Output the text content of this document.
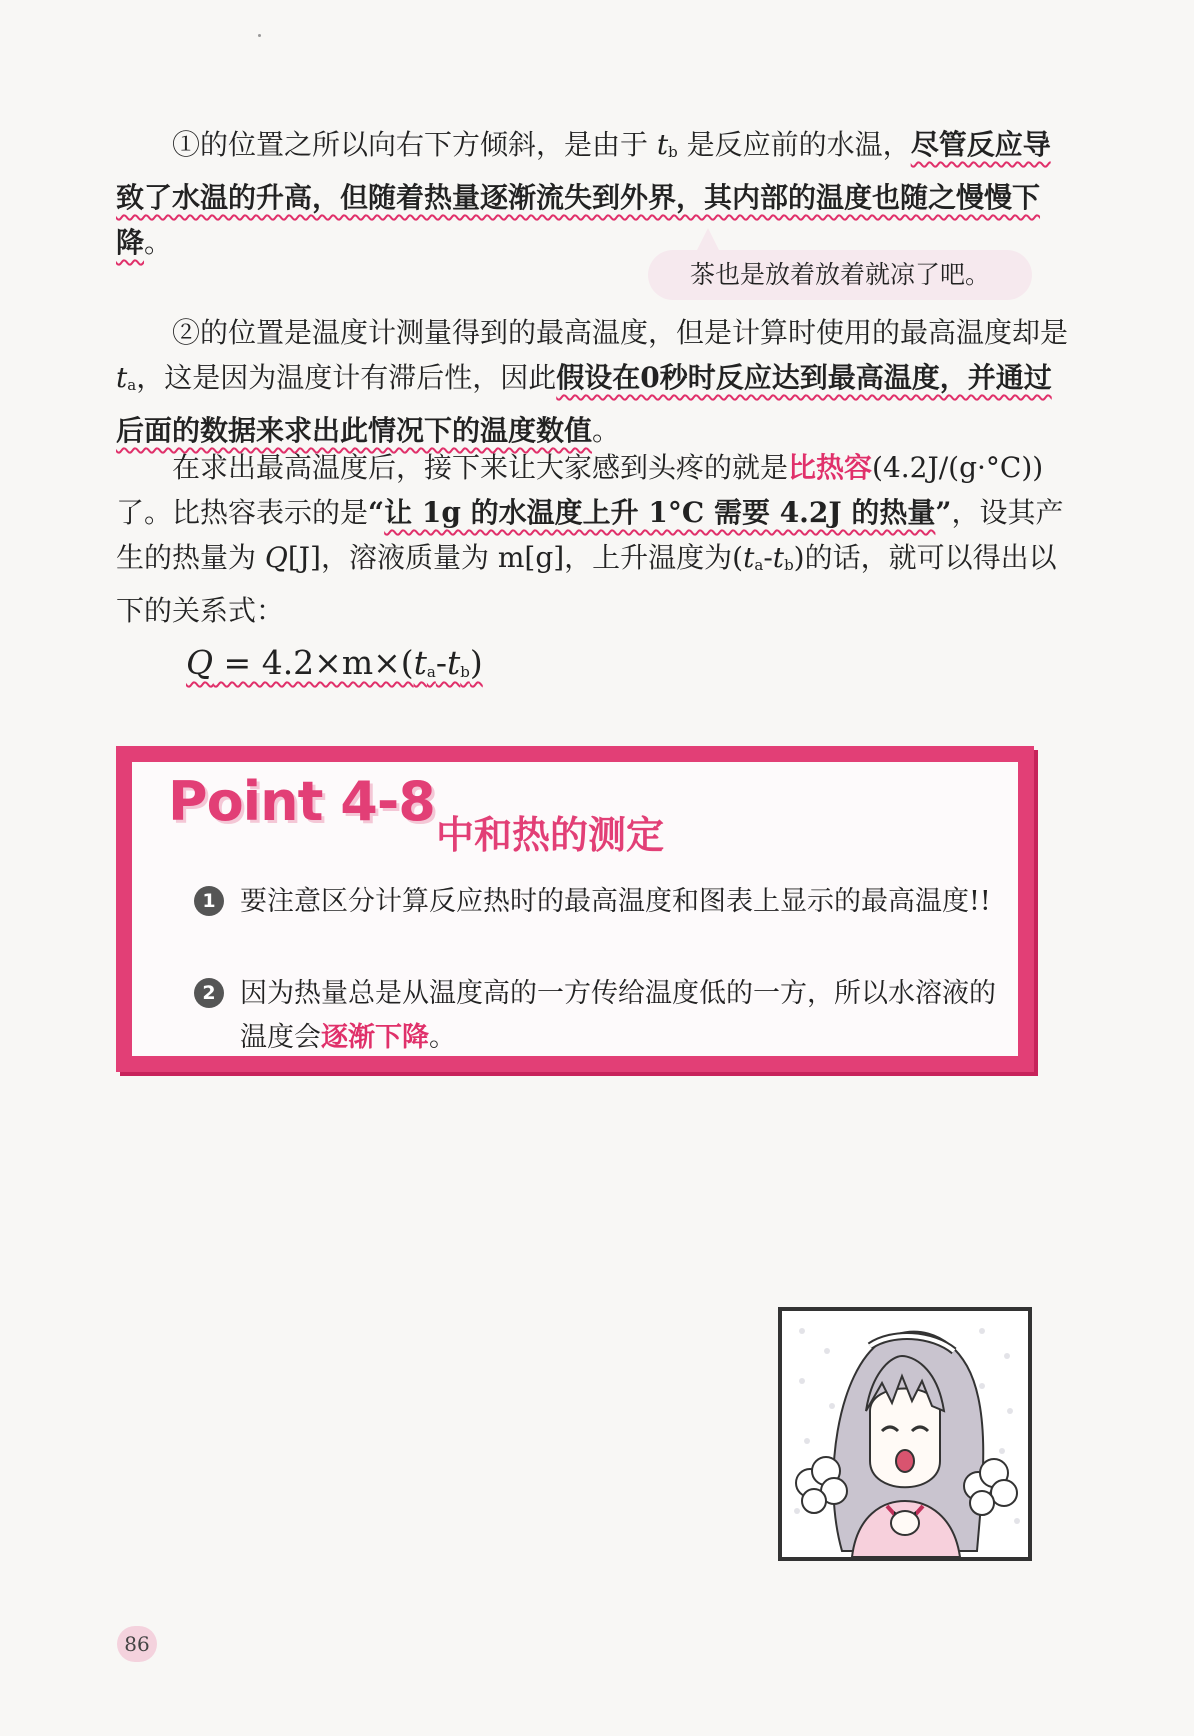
①的位置之所以向右下方倾斜，是由于 $t_b$ 是反应前的水温，尽管反应导致了水温的升高，但随着热量逐渐流失到外界，其内部的温度也随之慢慢下降。

茶也是放着放着就凉了吧。

②的位置是温度计测量得到的最高温度，但是计算时使用的最高温度却是 $t_a$，这是因为温度计有滞后性，因此假设在0秒时反应达到最高温度，并通过后面的数据来求出此情况下的温度数值。

在求出最高温度后，接下来让大家感到头疼的就是比热容(4.2J/(g·°C))了。比热容表示的是“让 1g 的水温度上升 1°C 需要 4.2J 的热量”，设其产生的热量为 Q[J]，溶液质量为 m[g]，上升温度为$(t_a-t_b)$的话，就可以得出以下的关系式：

$Q = 4.2\times m\times(t_a-t_b)$
Point 4-8
中和热的测定
1 要注意区分计算反应热时的最高温度和图表上显示的最高温度!!
2 因为热量总是从温度高的一方传给温度低的一方，所以水溶液的温度会逐渐下降。
86
